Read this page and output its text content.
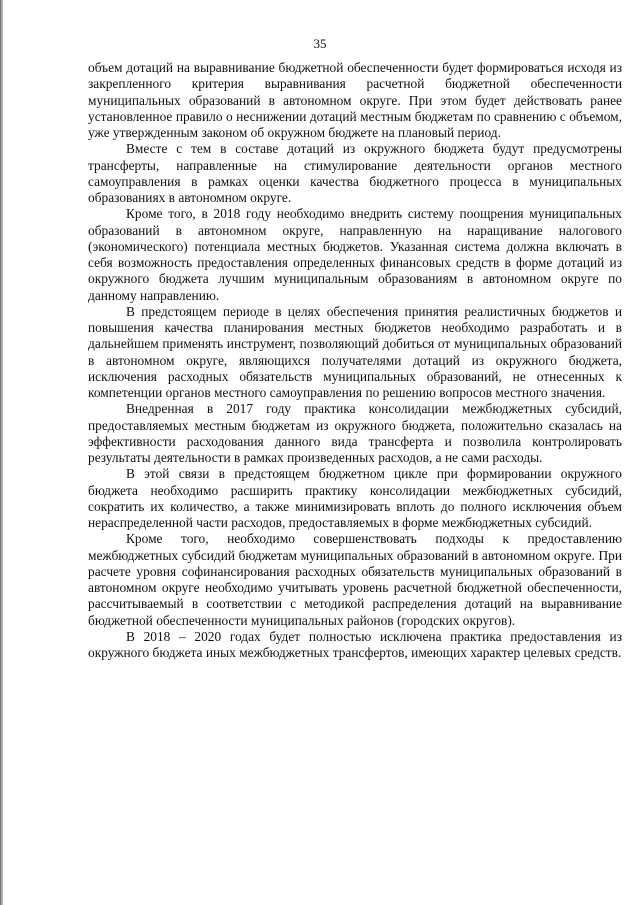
35

объем дотаций на выравнивание бюджетной обеспеченности будет формироваться исходя из закрепленного критерия выравнивания расчетной бюджетной обеспеченности муниципальных образований в автономном округе. При этом будет действовать ранее установленное правило о неснижении дотаций местным бюджетам по сравнению с объемом, уже утвержденным законом об окружном бюджете на плановый период.

Вместе с тем в составе дотаций из окружного бюджета будут предусмотрены трансферты, направленные на стимулирование деятельности органов местного самоуправления в рамках оценки качества бюджетного процесса в муниципальных образованиях в автономном округе.

Кроме того, в 2018 году необходимо внедрить систему поощрения муниципальных образований в автономном округе, направленную на наращивание налогового (экономического) потенциала местных бюджетов. Указанная система должна включать в себя возможность предоставления определенных финансовых средств в форме дотаций из окружного бюджета лучшим муниципальным образованиям в автономном округе по данному направлению.

В предстоящем периоде в целях обеспечения принятия реалистичных бюджетов и повышения качества планирования местных бюджетов необходимо разработать и в дальнейшем применять инструмент, позволяющий добиться от муниципальных образований в автономном округе, являющихся получателями дотаций из окружного бюджета, исключения расходных обязательств муниципальных образований, не отнесенных к компетенции органов местного самоуправления по решению вопросов местного значения.

Внедренная в 2017 году практика консолидации межбюджетных субсидий, предоставляемых местным бюджетам из окружного бюджета, положительно сказалась на эффективности расходования данного вида трансферта и позволила контролировать результаты деятельности в рамках произведенных расходов, а не сами расходы.

В этой связи в предстоящем бюджетном цикле при формировании окружного бюджета необходимо расширить практику консолидации межбюджетных субсидий, сократить их количество, а также минимизировать вплоть до полного исключения объем нераспределенной части расходов, предоставляемых в форме межбюджетных субсидий.

Кроме того, необходимо совершенствовать подходы к предоставлению межбюджетных субсидий бюджетам муниципальных образований в автономном округе. При расчете уровня софинансирования расходных обязательств муниципальных образований в автономном округе необходимо учитывать уровень расчетной бюджетной обеспеченности, рассчитываемый в соответствии с методикой распределения дотаций на выравнивание бюджетной обеспеченности муниципальных районов (городских округов).

В 2018 – 2020 годах будет полностью исключена практика предоставления из окружного бюджета иных межбюджетных трансфертов, имеющих характер целевых средств.
